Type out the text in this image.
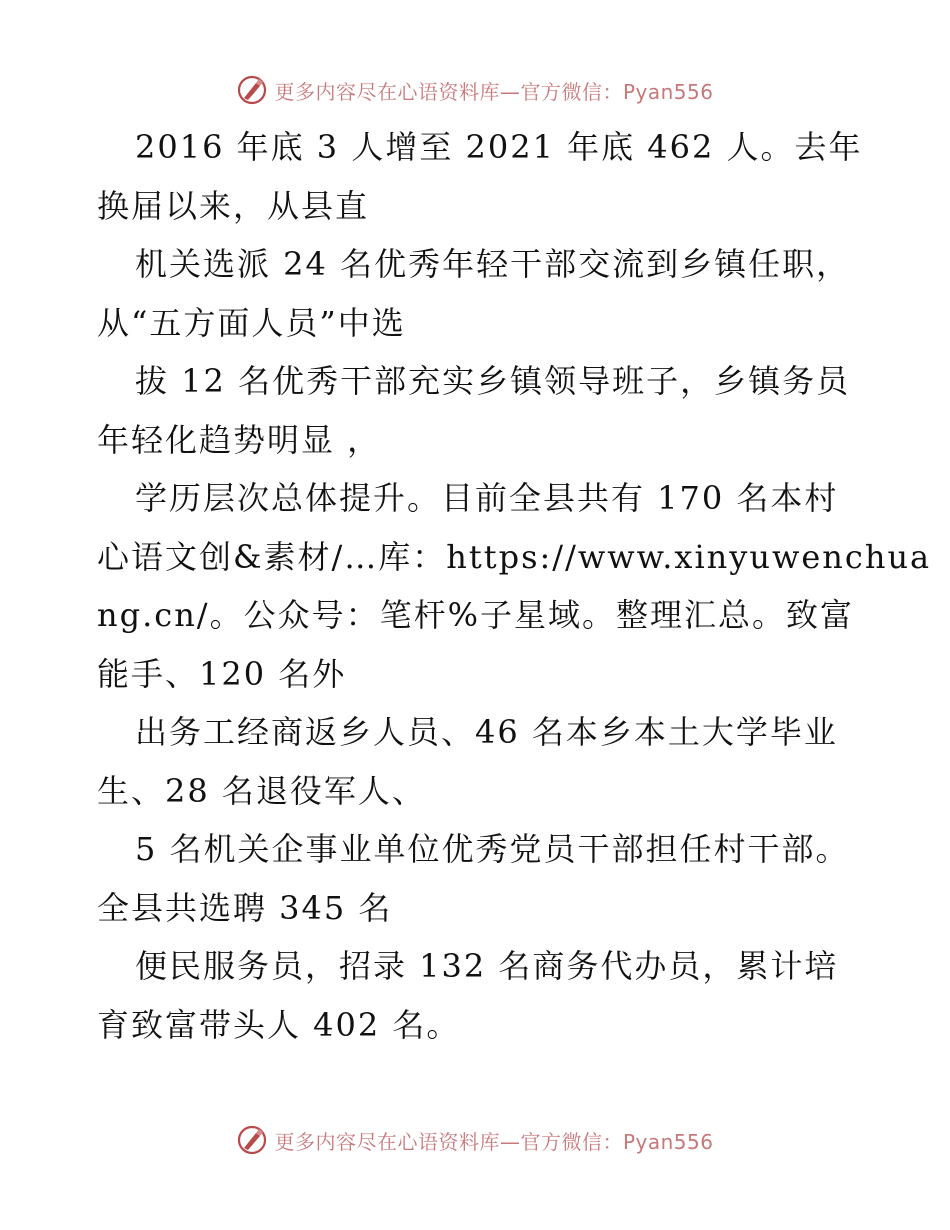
更多内容尽在心语资料库—官方微信：Pyan556
2016 年底 3 人增至 2021 年底 462 人。去年
换届以来，从县直
机关选派 24 名优秀年轻干部交流到乡镇任职，
从“五方面人员”中选
拔 12 名优秀干部充实乡镇领导班子，乡镇务员
年轻化趋势明显 ，
学历层次总体提升。目前全县共有 170 名本村
心语文创&素材/…库：https://www.xinyuwenchua
ng.cn/。公众号：笔杆%子星域。整理汇总。致富
能手、120 名外
出务工经商返乡人员、46 名本乡本土大学毕业
生、28 名退役军人、
5 名机关企事业单位优秀党员干部担任村干部。
全县共选聘 345 名
便民服务员，招录 132 名商务代办员，累计培
育致富带头人 402 名。
更多内容尽在心语资料库—官方微信：Pyan556
